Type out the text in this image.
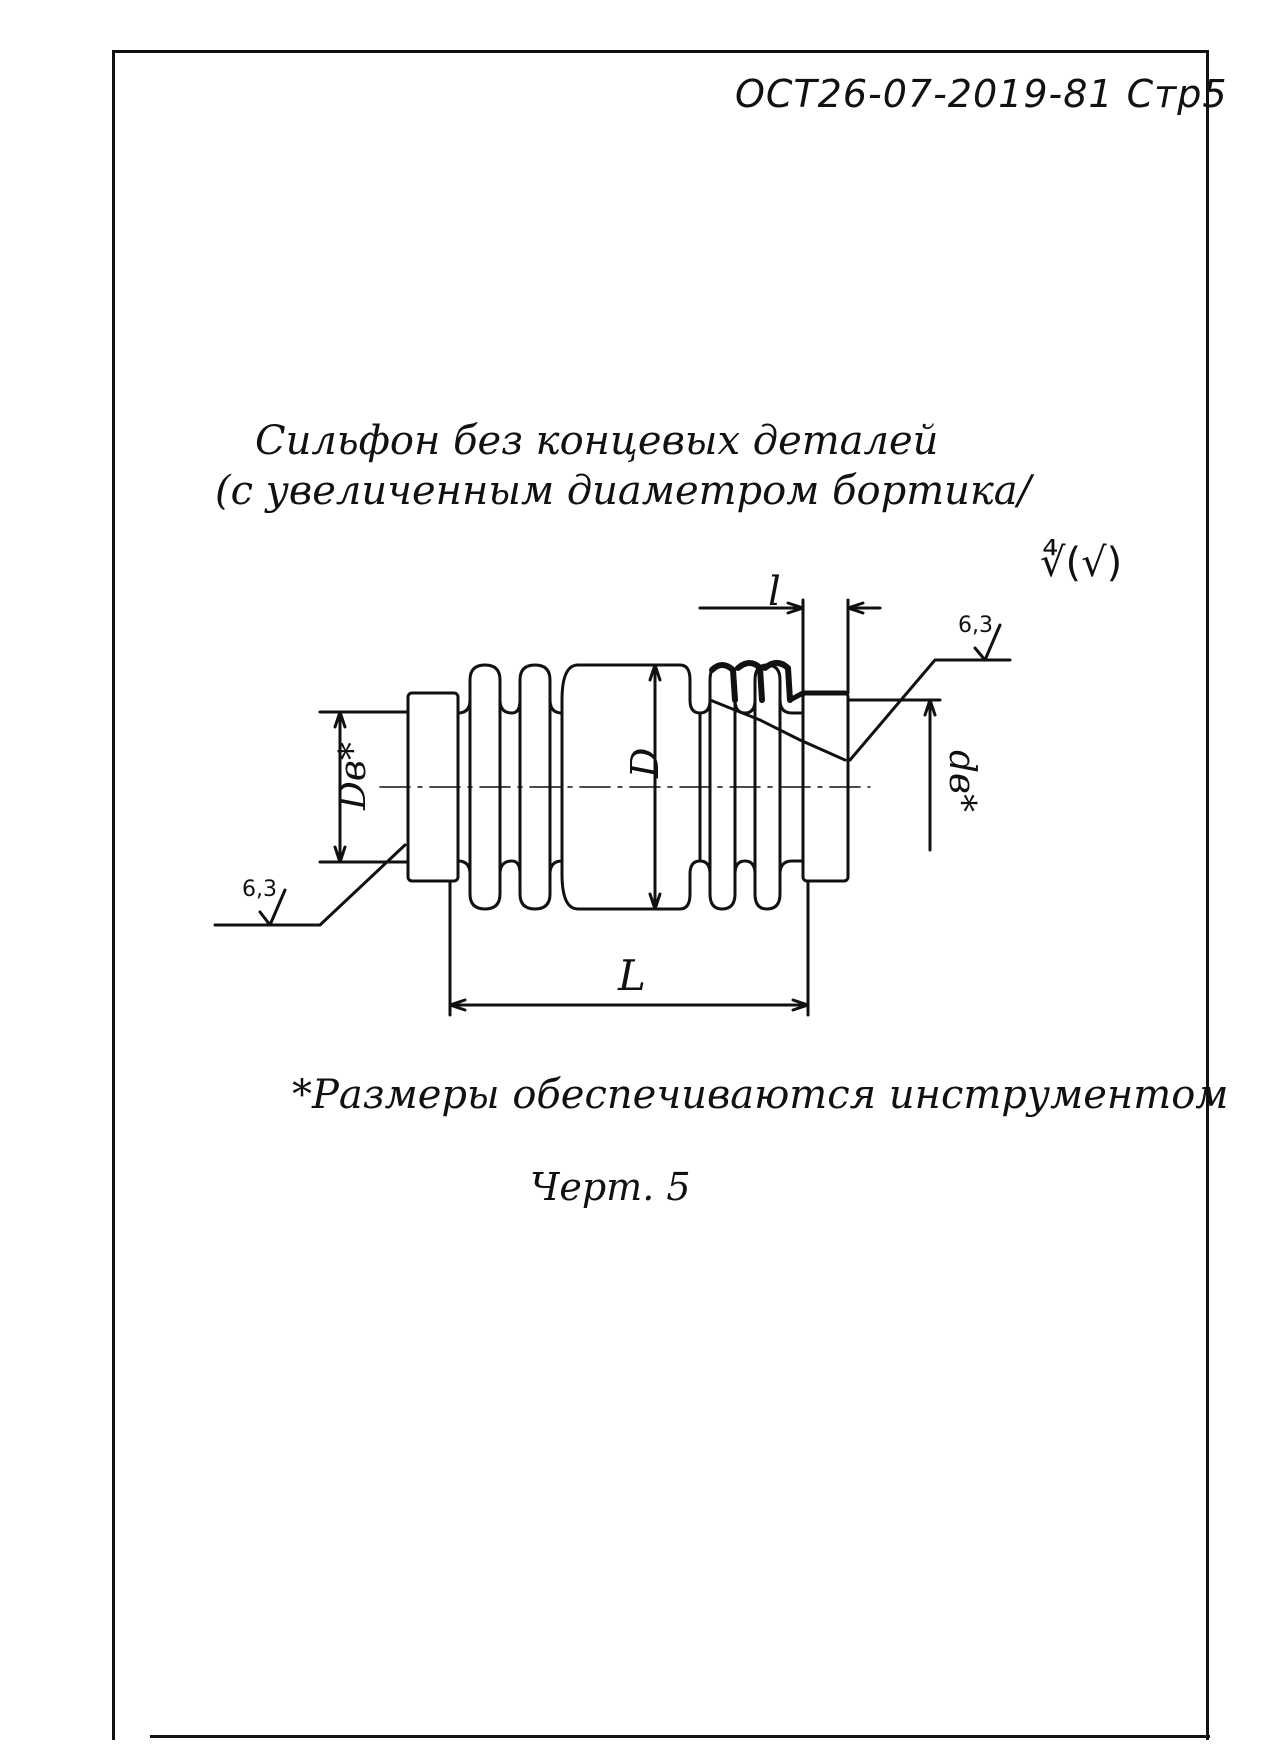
ОСТ26-07-2019-81 Стр5
Сильфон без концевых деталей
(с увеличенным диаметром бортика/
∜(√)
l
D
Dв*	dв*
L
6,3
6,3
*Размеры обеспечиваются инструментом
Черт. 5
